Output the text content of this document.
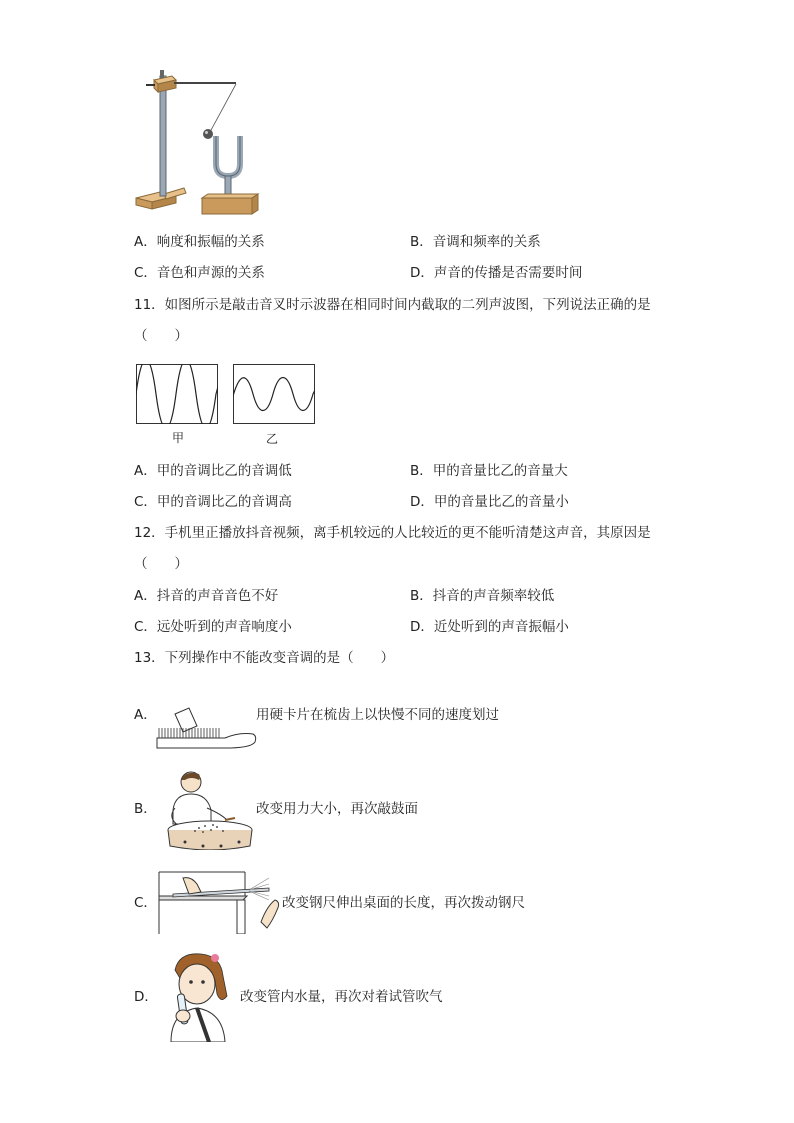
A．响度和振幅的关系	B．音调和频率的关系
C．音色和声源的关系	D．声音的传播是否需要时间
11．如图所示是敲击音叉时示波器在相同时间内截取的二列声波图，下列说法正确的是
（　　）
甲	乙
A．甲的音调比乙的音调低	B．甲的音量比乙的音量大
C．甲的音调比乙的音调高	D．甲的音量比乙的音量小
12．手机里正播放抖音视频，离手机较远的人比较近的更不能听清楚这声音，其原因是
（　　）
A．抖音的声音音色不好	B．抖音的声音频率较低
C．远处听到的声音响度小	D．近处听到的声音振幅小
13．下列操作中不能改变音调的是（　　）
A．	用硬卡片在梳齿上以快慢不同的速度划过
B．	改变用力大小，再次敲鼓面
C．	改变钢尺伸出桌面的长度，再次拨动钢尺
D．	改变管内水量，再次对着试管吹气
